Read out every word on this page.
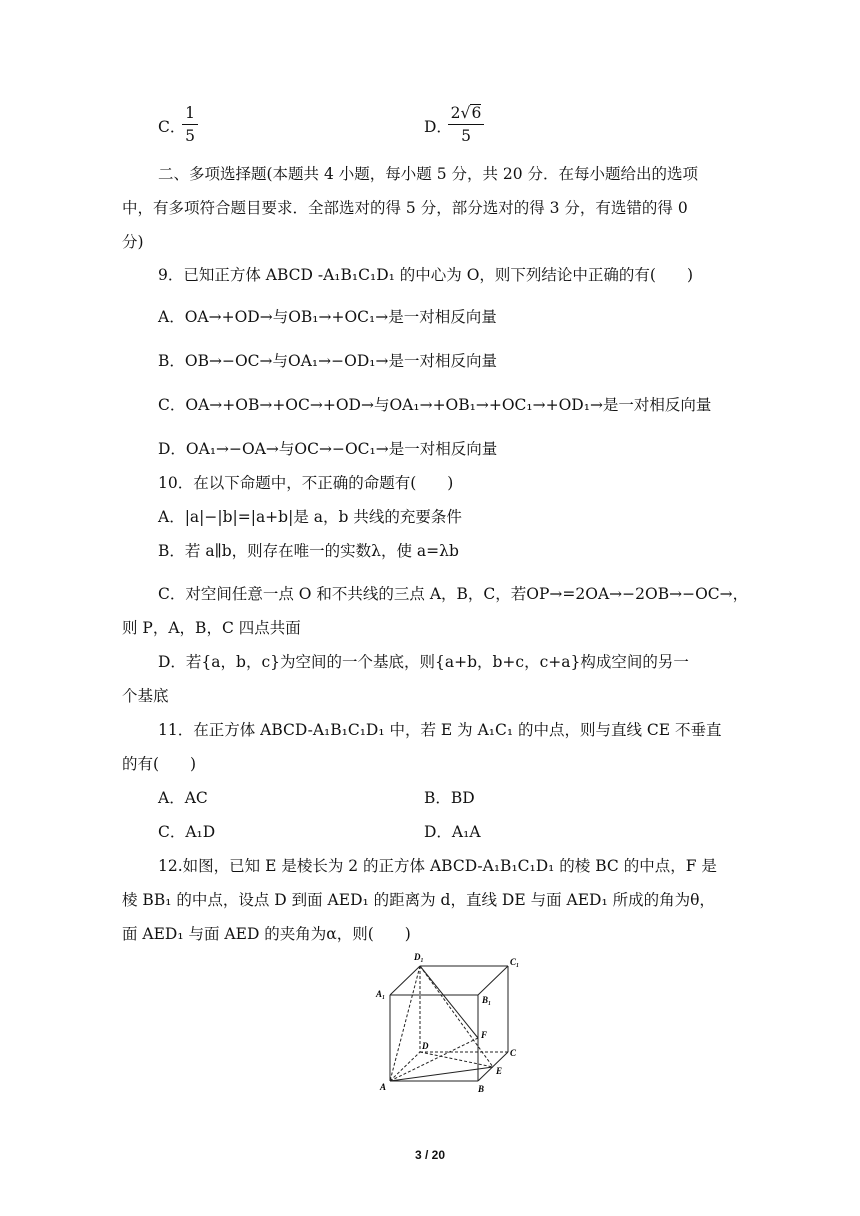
C．
1
5	D．
2√6
5
二、多项选择题(本题共 4 小题，每小题 5 分，共 20 分．在每小题给出的选项
中，有多项符合题目要求．全部选对的得 5 分，部分选对的得 3 分，有选错的得 0
分)
9．已知正方体 ABCD -A₁B₁C₁D₁ 的中心为 O，则下列结论中正确的有(　　)
A．OA→+OD→与OB₁→+OC₁→是一对相反向量
B．OB→−OC→与OA₁→−OD₁→是一对相反向量
C．OA→+OB→+OC→+OD→与OA₁→+OB₁→+OC₁→+OD₁→是一对相反向量
D．OA₁→−OA→与OC→−OC₁→是一对相反向量
10．在以下命题中，不正确的命题有(　　)
A．|a|−|b|=|a+b|是 a，b 共线的充要条件
B．若 a∥b，则存在唯一的实数λ，使 a=λb
C．对空间任意一点 O 和不共线的三点 A，B，C，若OP→=2OA→−2OB→−OC→，
则 P，A，B，C 四点共面
D．若{a，b，c}为空间的一个基底，则{a+b，b+c，c+a}构成空间的另一
个基底
11．在正方体 ABCD-A₁B₁C₁D₁ 中，若 E 为 A₁C₁ 的中点，则与直线 CE 不垂直
的有(　　)
A．AC	B．BD
C．A₁D	D．A₁A
12.如图，已知 E 是棱长为 2 的正方体 ABCD-A₁B₁C₁D₁ 的棱 BC 的中点，F 是
棱 BB₁ 的中点，设点 D 到面 AED₁ 的距离为 d，直线 DE 与面 AED₁ 所成的角为θ，
面 AED₁ 与面 AED 的夹角为α，则(　　)
D₁	C₁
A₁
B₁
F
D
C
E
A	B
3 / 20
